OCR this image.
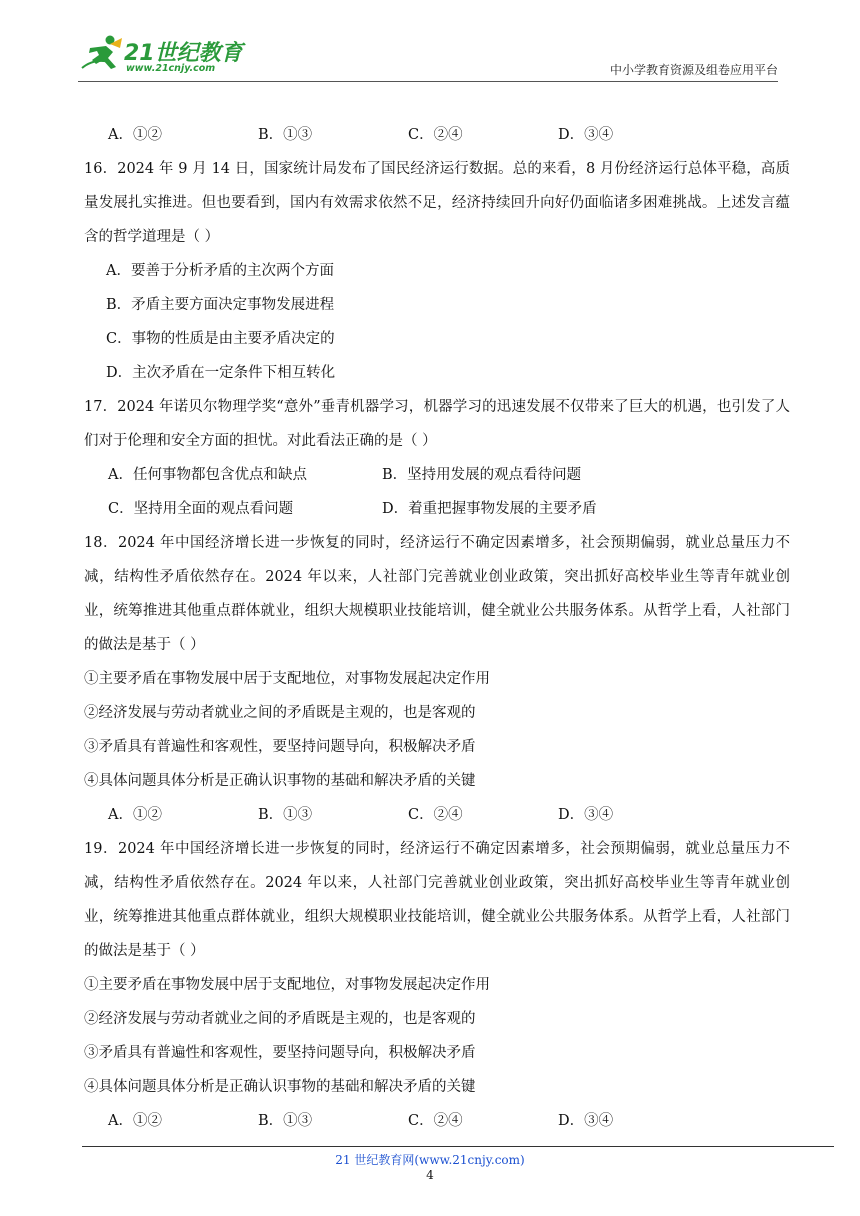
21世纪教育
www.21cnjy.com	中小学教育资源及组卷应用平台
A．①②	B．①③	C．②④	D．③④
16．2024 年 9 月 14 日，国家统计局发布了国民经济运行数据。总的来看，8 月份经济运行总体平稳，高质量发展扎实推进。但也要看到，国内有效需求依然不足，经济持续回升向好仍面临诸多困难挑战。上述发言蕴含的哲学道理是（ ）
A．要善于分析矛盾的主次两个方面
B．矛盾主要方面决定事物发展进程
C．事物的性质是由主要矛盾决定的
D．主次矛盾在一定条件下相互转化
17．2024 年诺贝尔物理学奖“意外”垂青机器学习，机器学习的迅速发展不仅带来了巨大的机遇，也引发了人们对于伦理和安全方面的担忧。对此看法正确的是（ ）
A．任何事物都包含优点和缺点	B．坚持用发展的观点看待问题
C．坚持用全面的观点看问题	D．着重把握事物发展的主要矛盾
18．2024 年中国经济增长进一步恢复的同时，经济运行不确定因素增多，社会预期偏弱，就业总量压力不减，结构性矛盾依然存在。2024 年以来，人社部门完善就业创业政策，突出抓好高校毕业生等青年就业创业，统筹推进其他重点群体就业，组织大规模职业技能培训，健全就业公共服务体系。从哲学上看，人社部门的做法是基于（ ）
①主要矛盾在事物发展中居于支配地位，对事物发展起决定作用
②经济发展与劳动者就业之间的矛盾既是主观的，也是客观的
③矛盾具有普遍性和客观性，要坚持问题导向，积极解决矛盾
④具体问题具体分析是正确认识事物的基础和解决矛盾的关键
A．①②	B．①③	C．②④	D．③④
19．2024 年中国经济增长进一步恢复的同时，经济运行不确定因素增多，社会预期偏弱，就业总量压力不减，结构性矛盾依然存在。2024 年以来，人社部门完善就业创业政策，突出抓好高校毕业生等青年就业创业，统筹推进其他重点群体就业，组织大规模职业技能培训，健全就业公共服务体系。从哲学上看，人社部门的做法是基于（ ）
①主要矛盾在事物发展中居于支配地位，对事物发展起决定作用
②经济发展与劳动者就业之间的矛盾既是主观的，也是客观的
③矛盾具有普遍性和客观性，要坚持问题导向，积极解决矛盾
④具体问题具体分析是正确认识事物的基础和解决矛盾的关键
A．①②	B．①③	C．②④	D．③④
21 世纪教育网(www.21cnjy.com)
4
